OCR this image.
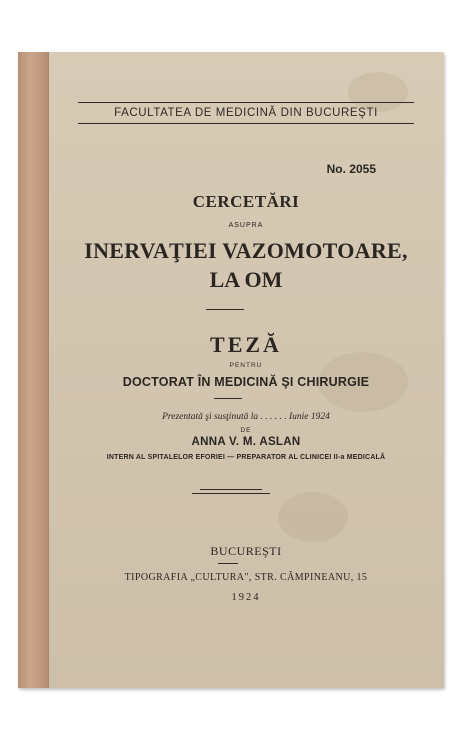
FACULTATEA DE MEDICINĂ DIN BUCUREŞTI
No. 2055
CERCETĂRI
ASUPRA
INERVAŢIEI VAZOMOTOARE,
LA OM
TEZĂ
PENTRU
DOCTORAT ÎN MEDICINĂ ŞI CHIRURGIE
Prezentată şi susţinută la . . . . . . Iunie 1924
DE
ANNA V. M. ASLAN
INTERN AL SPITALELOR EFORIEI — PREPARATOR AL CLINICEI II-a MEDICALĂ
BUCUREŞTI
TIPOGRAFIA „CULTURA", STR. CÂMPINEANU, 15
1924
